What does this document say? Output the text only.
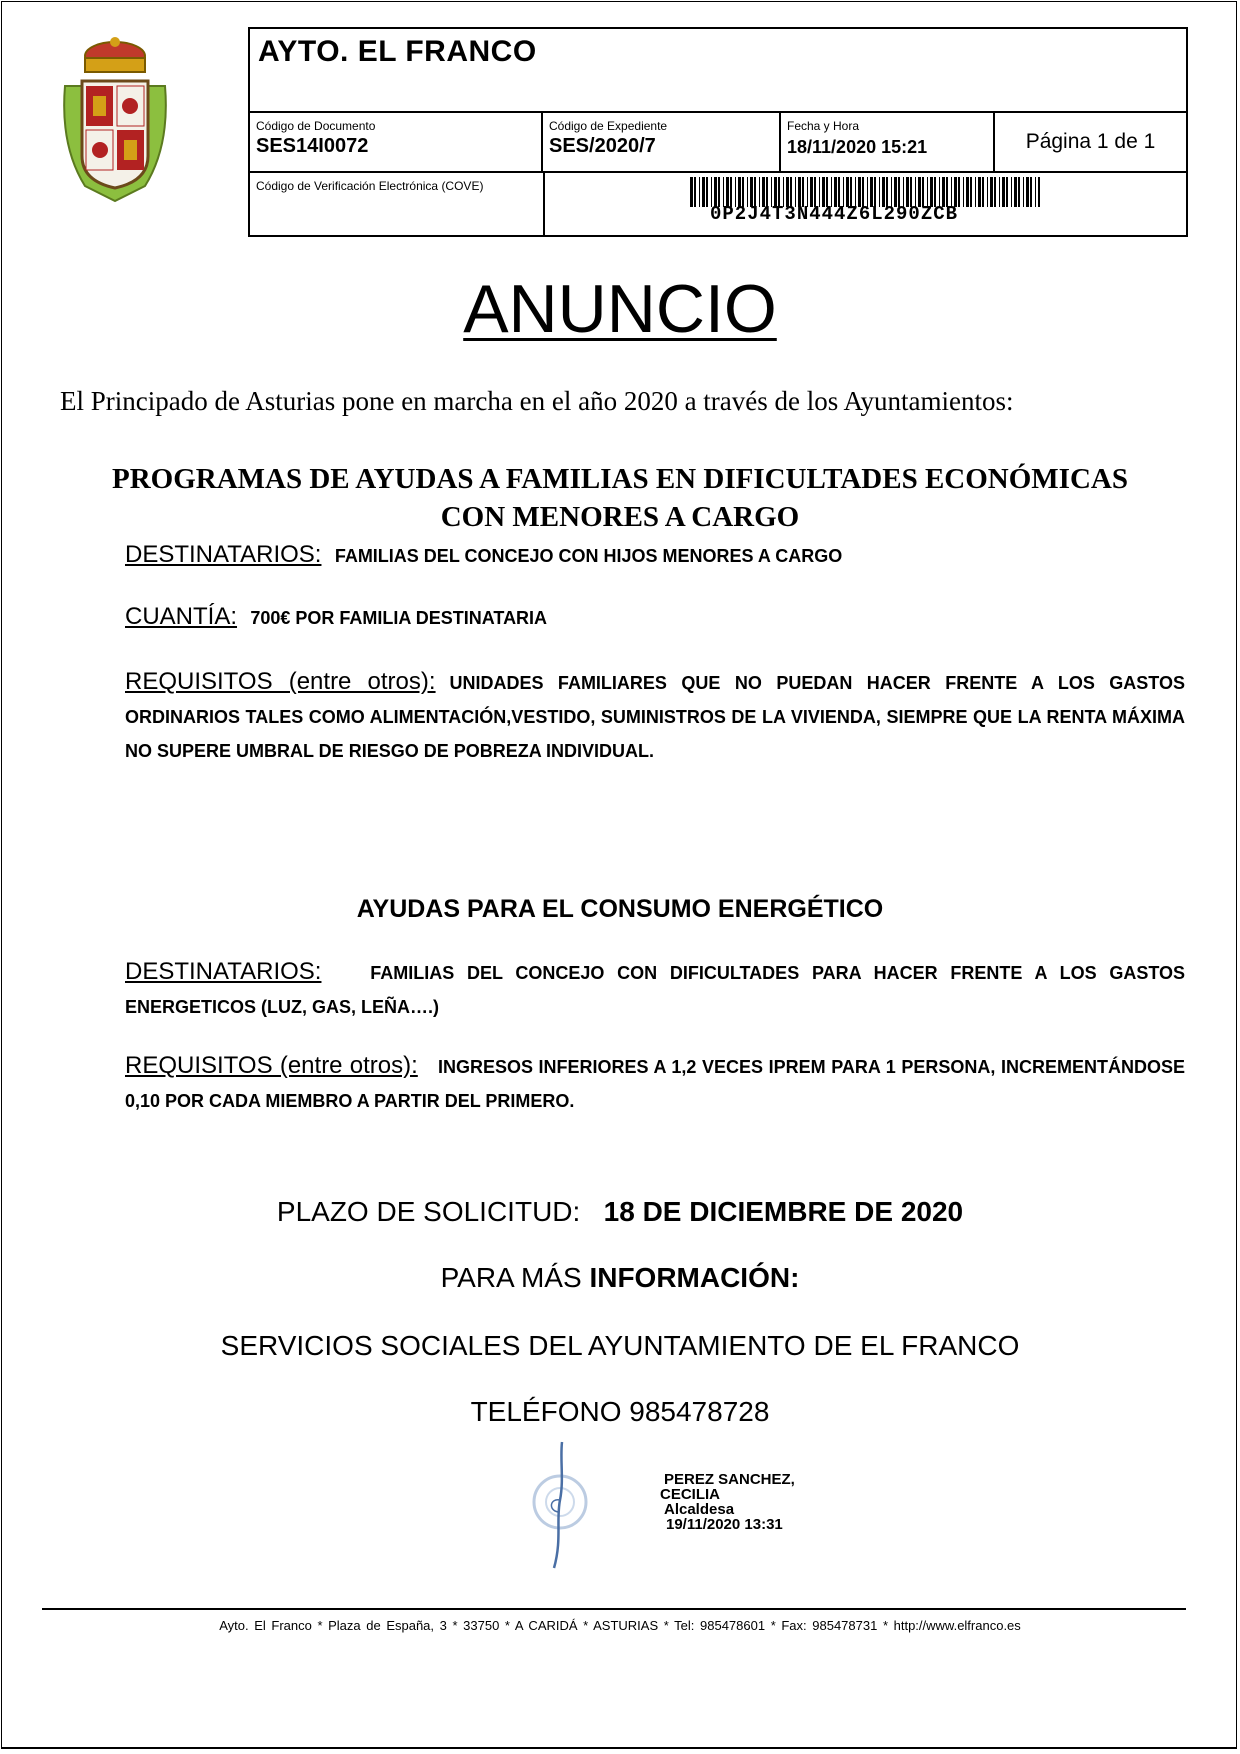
AYTO. EL FRANCO
Código de Documento
SES14I0072
Código de Expediente
SES/2020/7
Fecha y Hora
18/11/2020 15:21	Página 1 de 1
Código de Verificación Electrónica (COVE)
0P2J4T3N444Z6L290ZCB
ANUNCIO
El Principado de Asturias pone en marcha en el año 2020 a través de los Ayuntamientos:
PROGRAMAS DE AYUDAS A FAMILIAS EN DIFICULTADES ECONÓMICAS
CON MENORES A CARGO
DESTINATARIOS: FAMILIAS DEL CONCEJO CON HIJOS MENORES A CARGO
CUANTÍA: 700€ POR FAMILIA DESTINATARIA
REQUISITOS (entre otros): UNIDADES FAMILIARES QUE NO PUEDAN HACER FRENTE A LOS GASTOS ORDINARIOS TALES COMO ALIMENTACIÓN,VESTIDO, SUMINISTROS DE LA VIVIENDA, SIEMPRE QUE LA RENTA MÁXIMA NO SUPERE UMBRAL DE RIESGO DE POBREZA INDIVIDUAL.
AYUDAS PARA EL CONSUMO ENERGÉTICO
DESTINATARIOS:	FAMILIAS DEL CONCEJO CON DIFICULTADES PARA HACER FRENTE A LOS GASTOS ENERGETICOS (LUZ, GAS, LEÑA….)
REQUISITOS (entre otros): INGRESOS INFERIORES A 1,2 VECES IPREM PARA 1 PERSONA, INCREMENTÁNDOSE 0,10 POR CADA MIEMBRO A PARTIR DEL PRIMERO.
PLAZO DE SOLICITUD: 18 DE DICIEMBRE DE 2020
PARA MÁS INFORMACIÓN:
SERVICIOS SOCIALES DEL AYUNTAMIENTO DE EL FRANCO
TELÉFONO 985478728
PEREZ SANCHEZ,
CECILIA
Alcaldesa
19/11/2020 13:31
Ayto. El Franco * Plaza de España, 3 * 33750 * A CARIDÁ * ASTURIAS * Tel: 985478601 * Fax: 985478731 * http://www.elfranco.es
